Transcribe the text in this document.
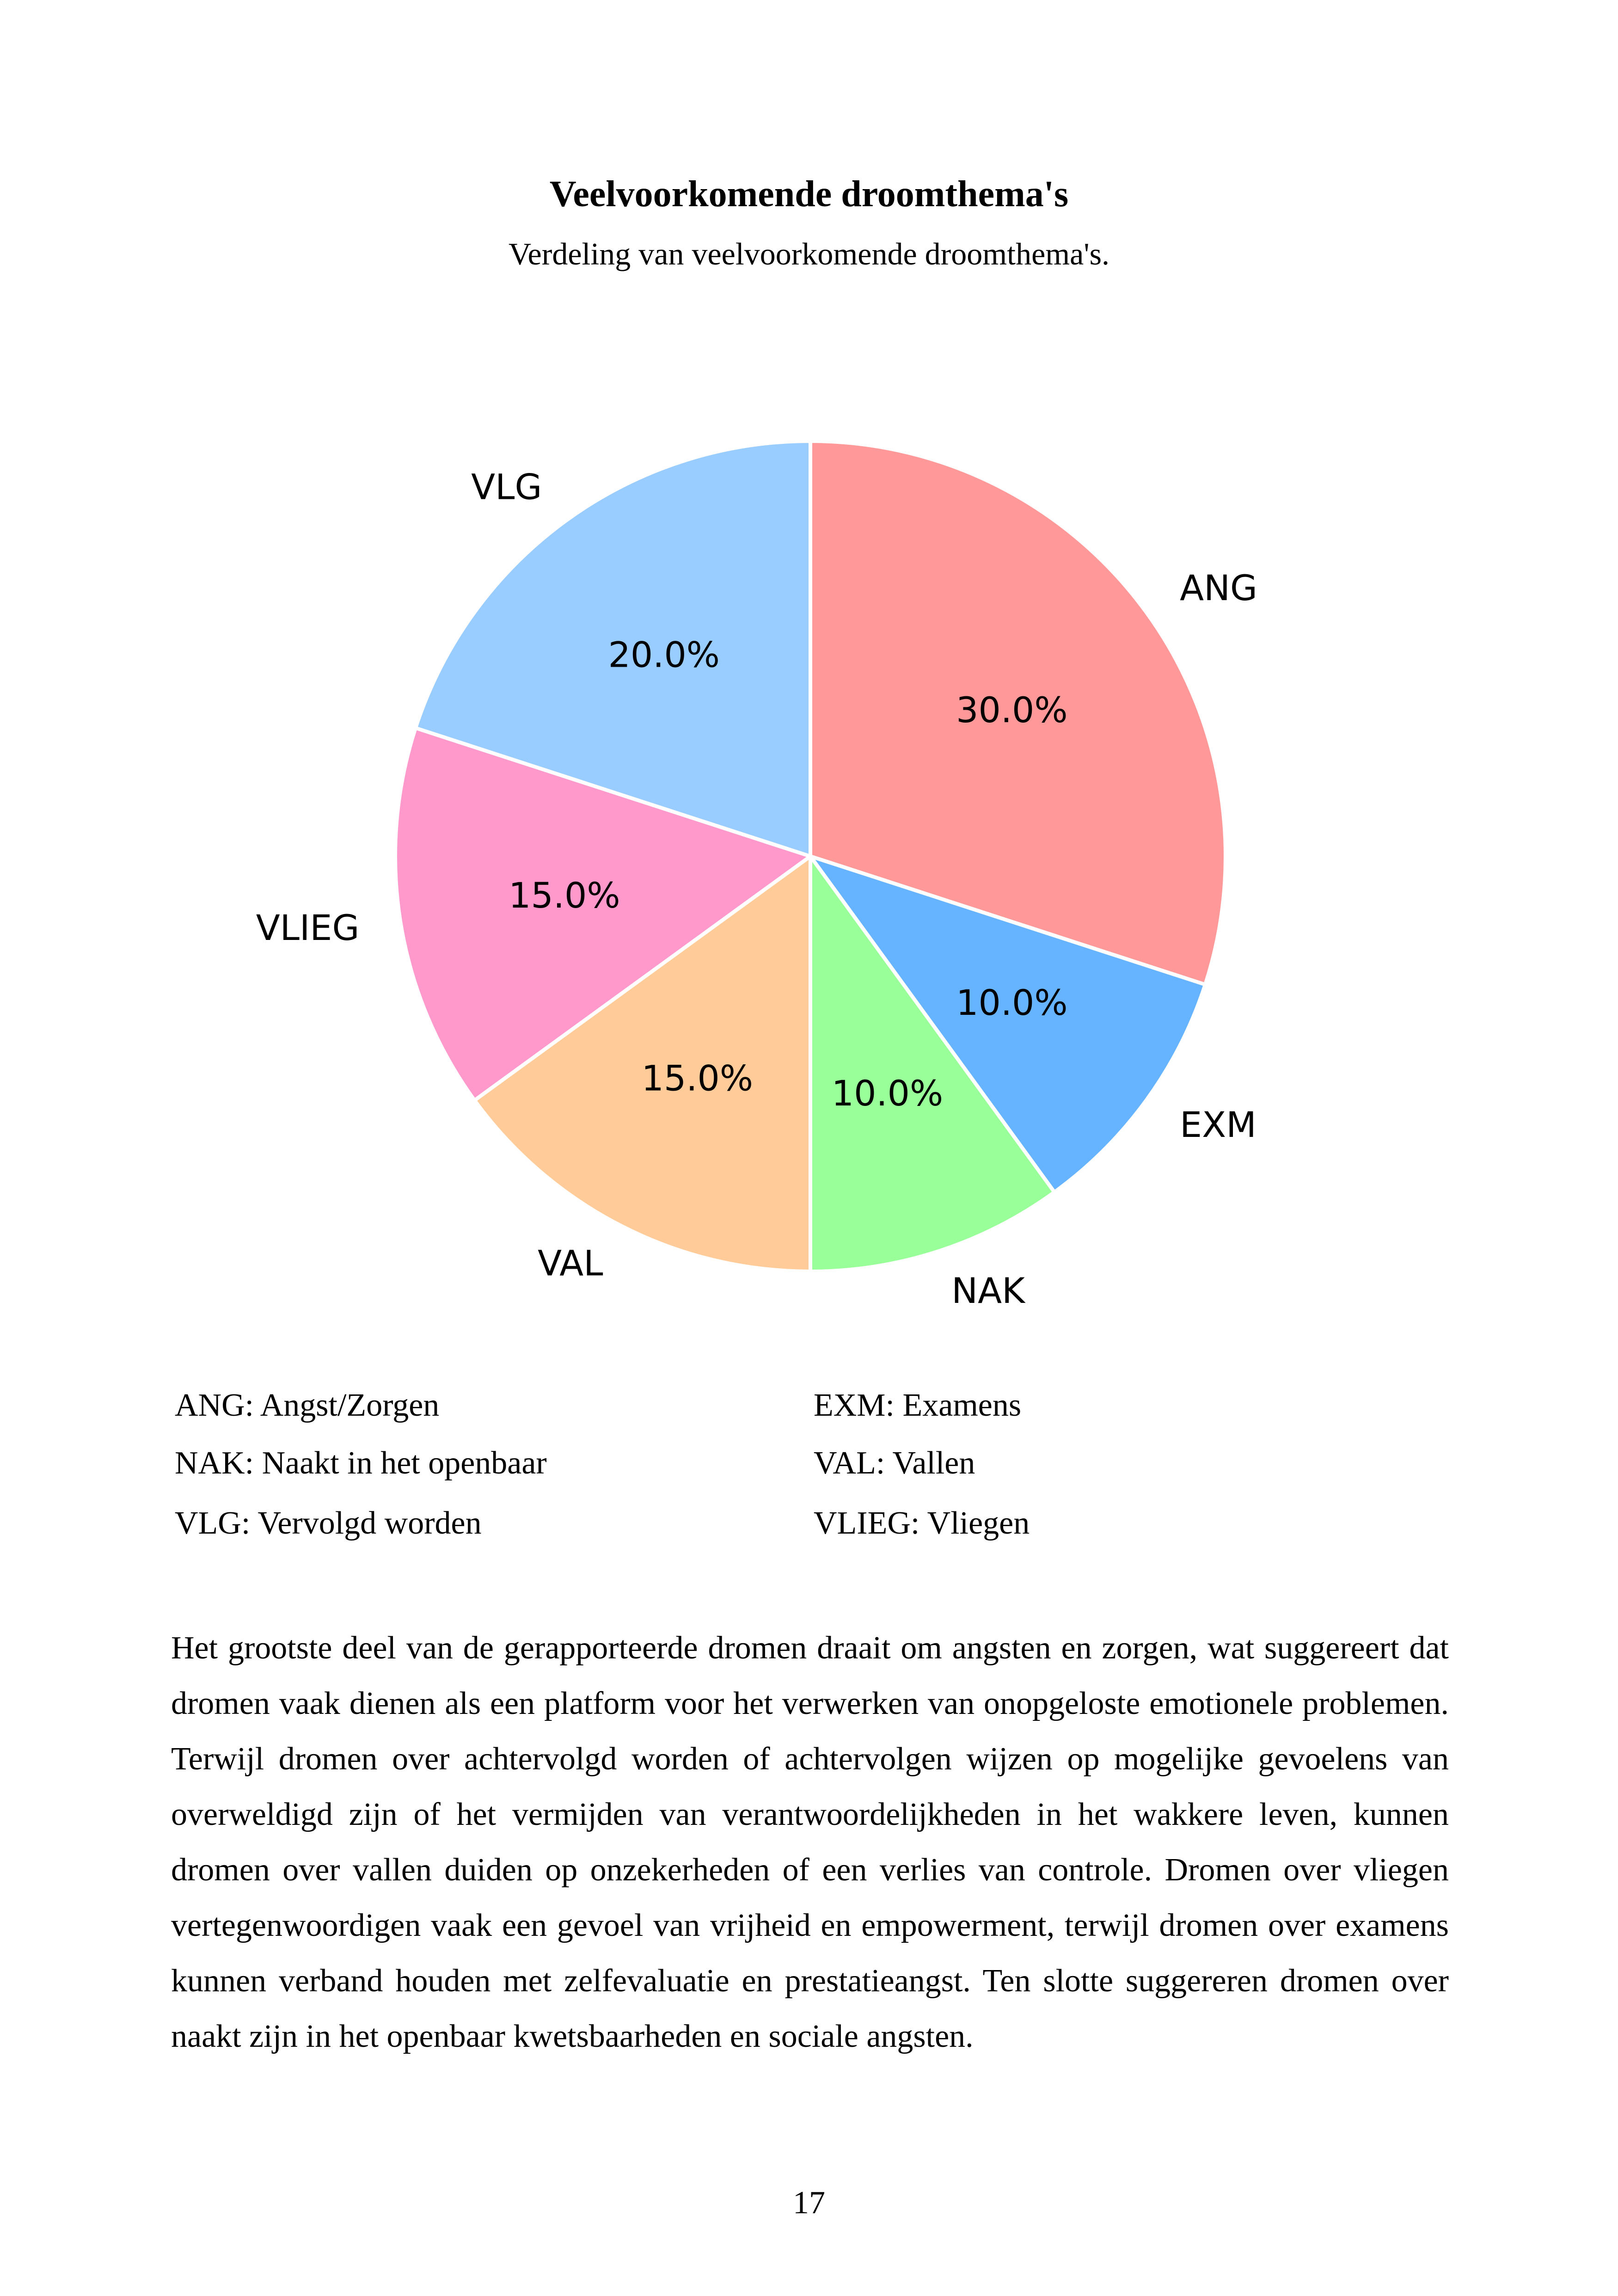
Veelvoorkomende droomthema's
Verdeling van veelvoorkomende droomthema's.
30.0%
10.0%
10.0%
15.0%
15.0%
20.0%
ANG
EXM
NAK
VAL
VLIEG
VLG
ANG: Angst/Zorgen	EXM: Examens
NAK: Naakt in het openbaar	VAL: Vallen
VLG: Vervolgd worden	VLIEG: Vliegen

Het grootste deel van de gerapporteerde dromen draait om angsten en zorgen, wat suggereert dat dromen vaak dienen als een platform voor het verwerken van onopgeloste emotionele problemen. Terwijl dromen over achtervolgd worden of achtervolgen wijzen op mogelijke gevoelens van overweldigd zijn of het vermijden van verantwoordelijkheden in het wakkere leven, kunnen dromen over vallen duiden op onzekerheden of een verlies van controle. Dromen over vliegen vertegenwoordigen vaak een gevoel van vrijheid en empowerment, terwijl dromen over examens kunnen verband houden met zelfevaluatie en prestatieangst. Ten slotte suggereren dromen over naakt zijn in het openbaar kwetsbaarheden en sociale angsten.

17
